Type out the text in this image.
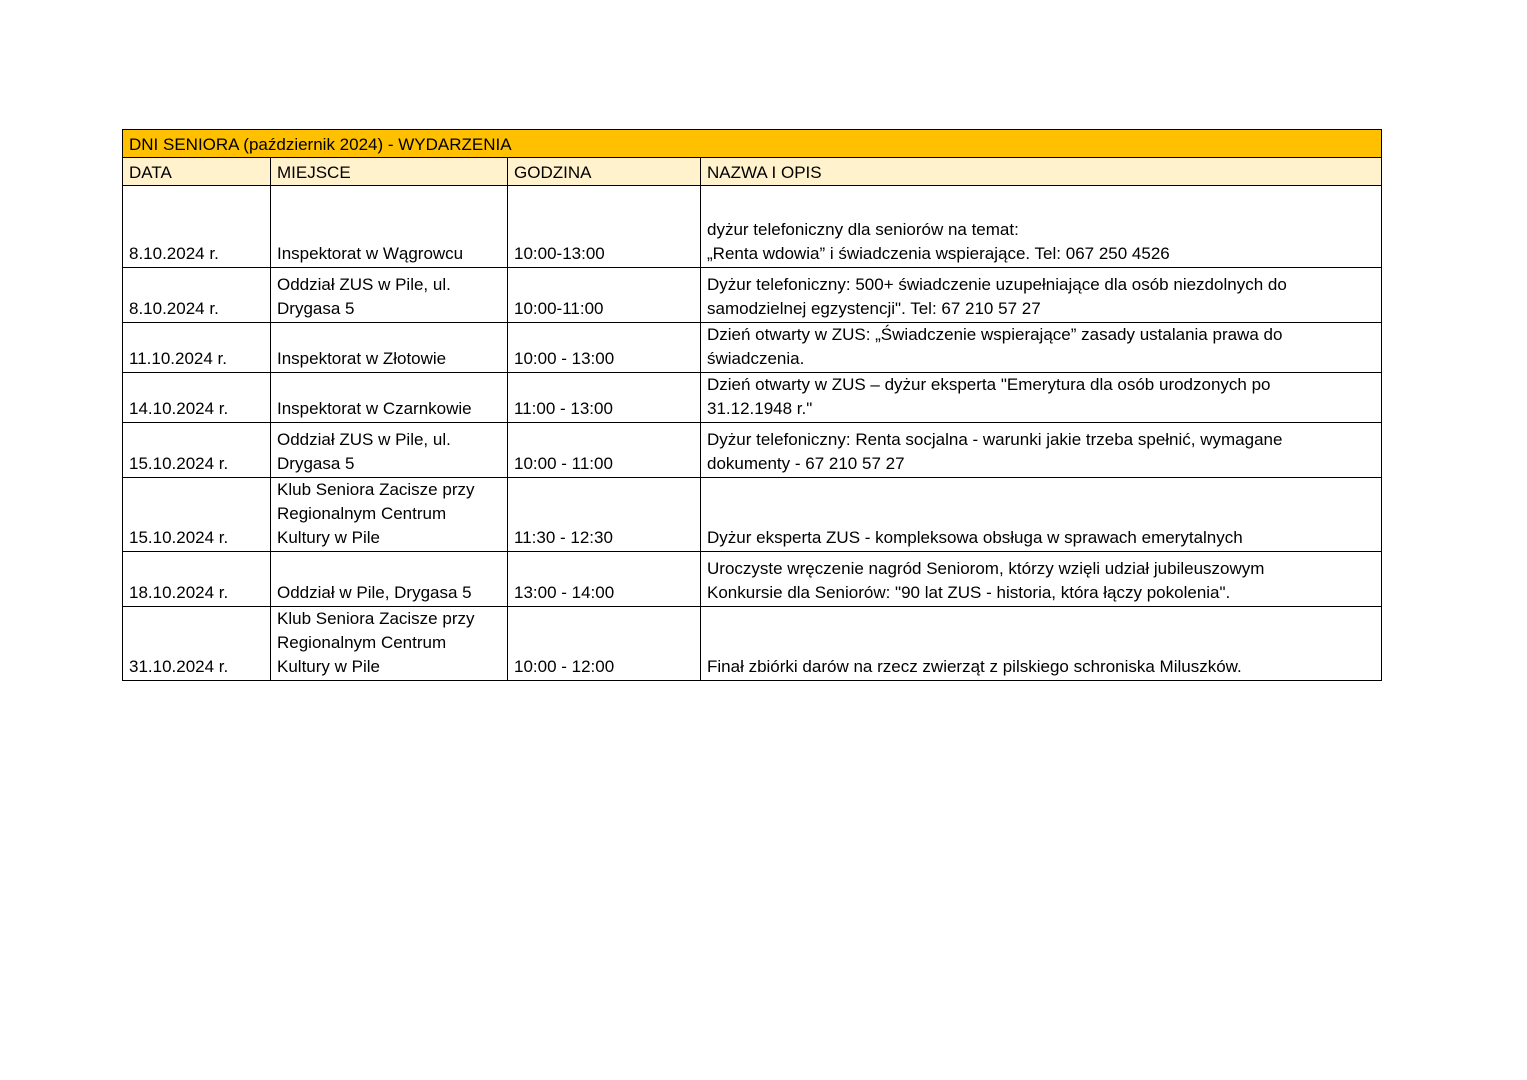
DNI SENIORA (październik 2024) - WYDARZENIA			
DATA	MIEJSCE	GODZINA	NAZWA I OPIS

8.10.2024 r.	Inspektorat w Wągrowcu	10:00-13:00	dyżur telefoniczny dla seniorów na temat:
„Renta wdowia” i świadczenia wspierające. Tel: 067 250 4526

8.10.2024 r.	Oddział ZUS w Pile, ul.
Drygasa 5	10:00-11:00	Dyżur telefoniczny: 500+ świadczenie uzupełniające dla osób niezdolnych do
samodzielnej egzystencji". Tel: 67 210 57 27

11.10.2024 r.	Inspektorat w Złotowie	10:00 - 13:00	Dzień otwarty w ZUS: „Świadczenie wspierające” zasady ustalania prawa do
świadczenia.

14.10.2024 r.	Inspektorat w Czarnkowie	11:00 - 13:00	Dzień otwarty w ZUS – dyżur eksperta "Emerytura dla osób urodzonych po
31.12.1948 r."

15.10.2024 r.	Oddział ZUS w Pile, ul.
Drygasa 5	10:00 - 11:00	Dyżur telefoniczny: Renta socjalna - warunki jakie trzeba spełnić, wymagane
dokumenty - 67 210 57 27

15.10.2024 r.	Klub Seniora Zacisze przy
Regionalnym Centrum
Kultury w Pile	11:30 - 12:30	Dyżur eksperta ZUS - kompleksowa obsługa w sprawach emerytalnych

18.10.2024 r.	Oddział w Pile, Drygasa 5	13:00 - 14:00	Uroczyste wręczenie nagród Seniorom, którzy wzięli udział jubileuszowym
Konkursie dla Seniorów: "90 lat ZUS - historia, która łączy pokolenia".

31.10.2024 r.	Klub Seniora Zacisze przy
Regionalnym Centrum
Kultury w Pile	10:00 - 12:00	Finał zbiórki darów na rzecz zwierząt z pilskiego schroniska Miluszków.
